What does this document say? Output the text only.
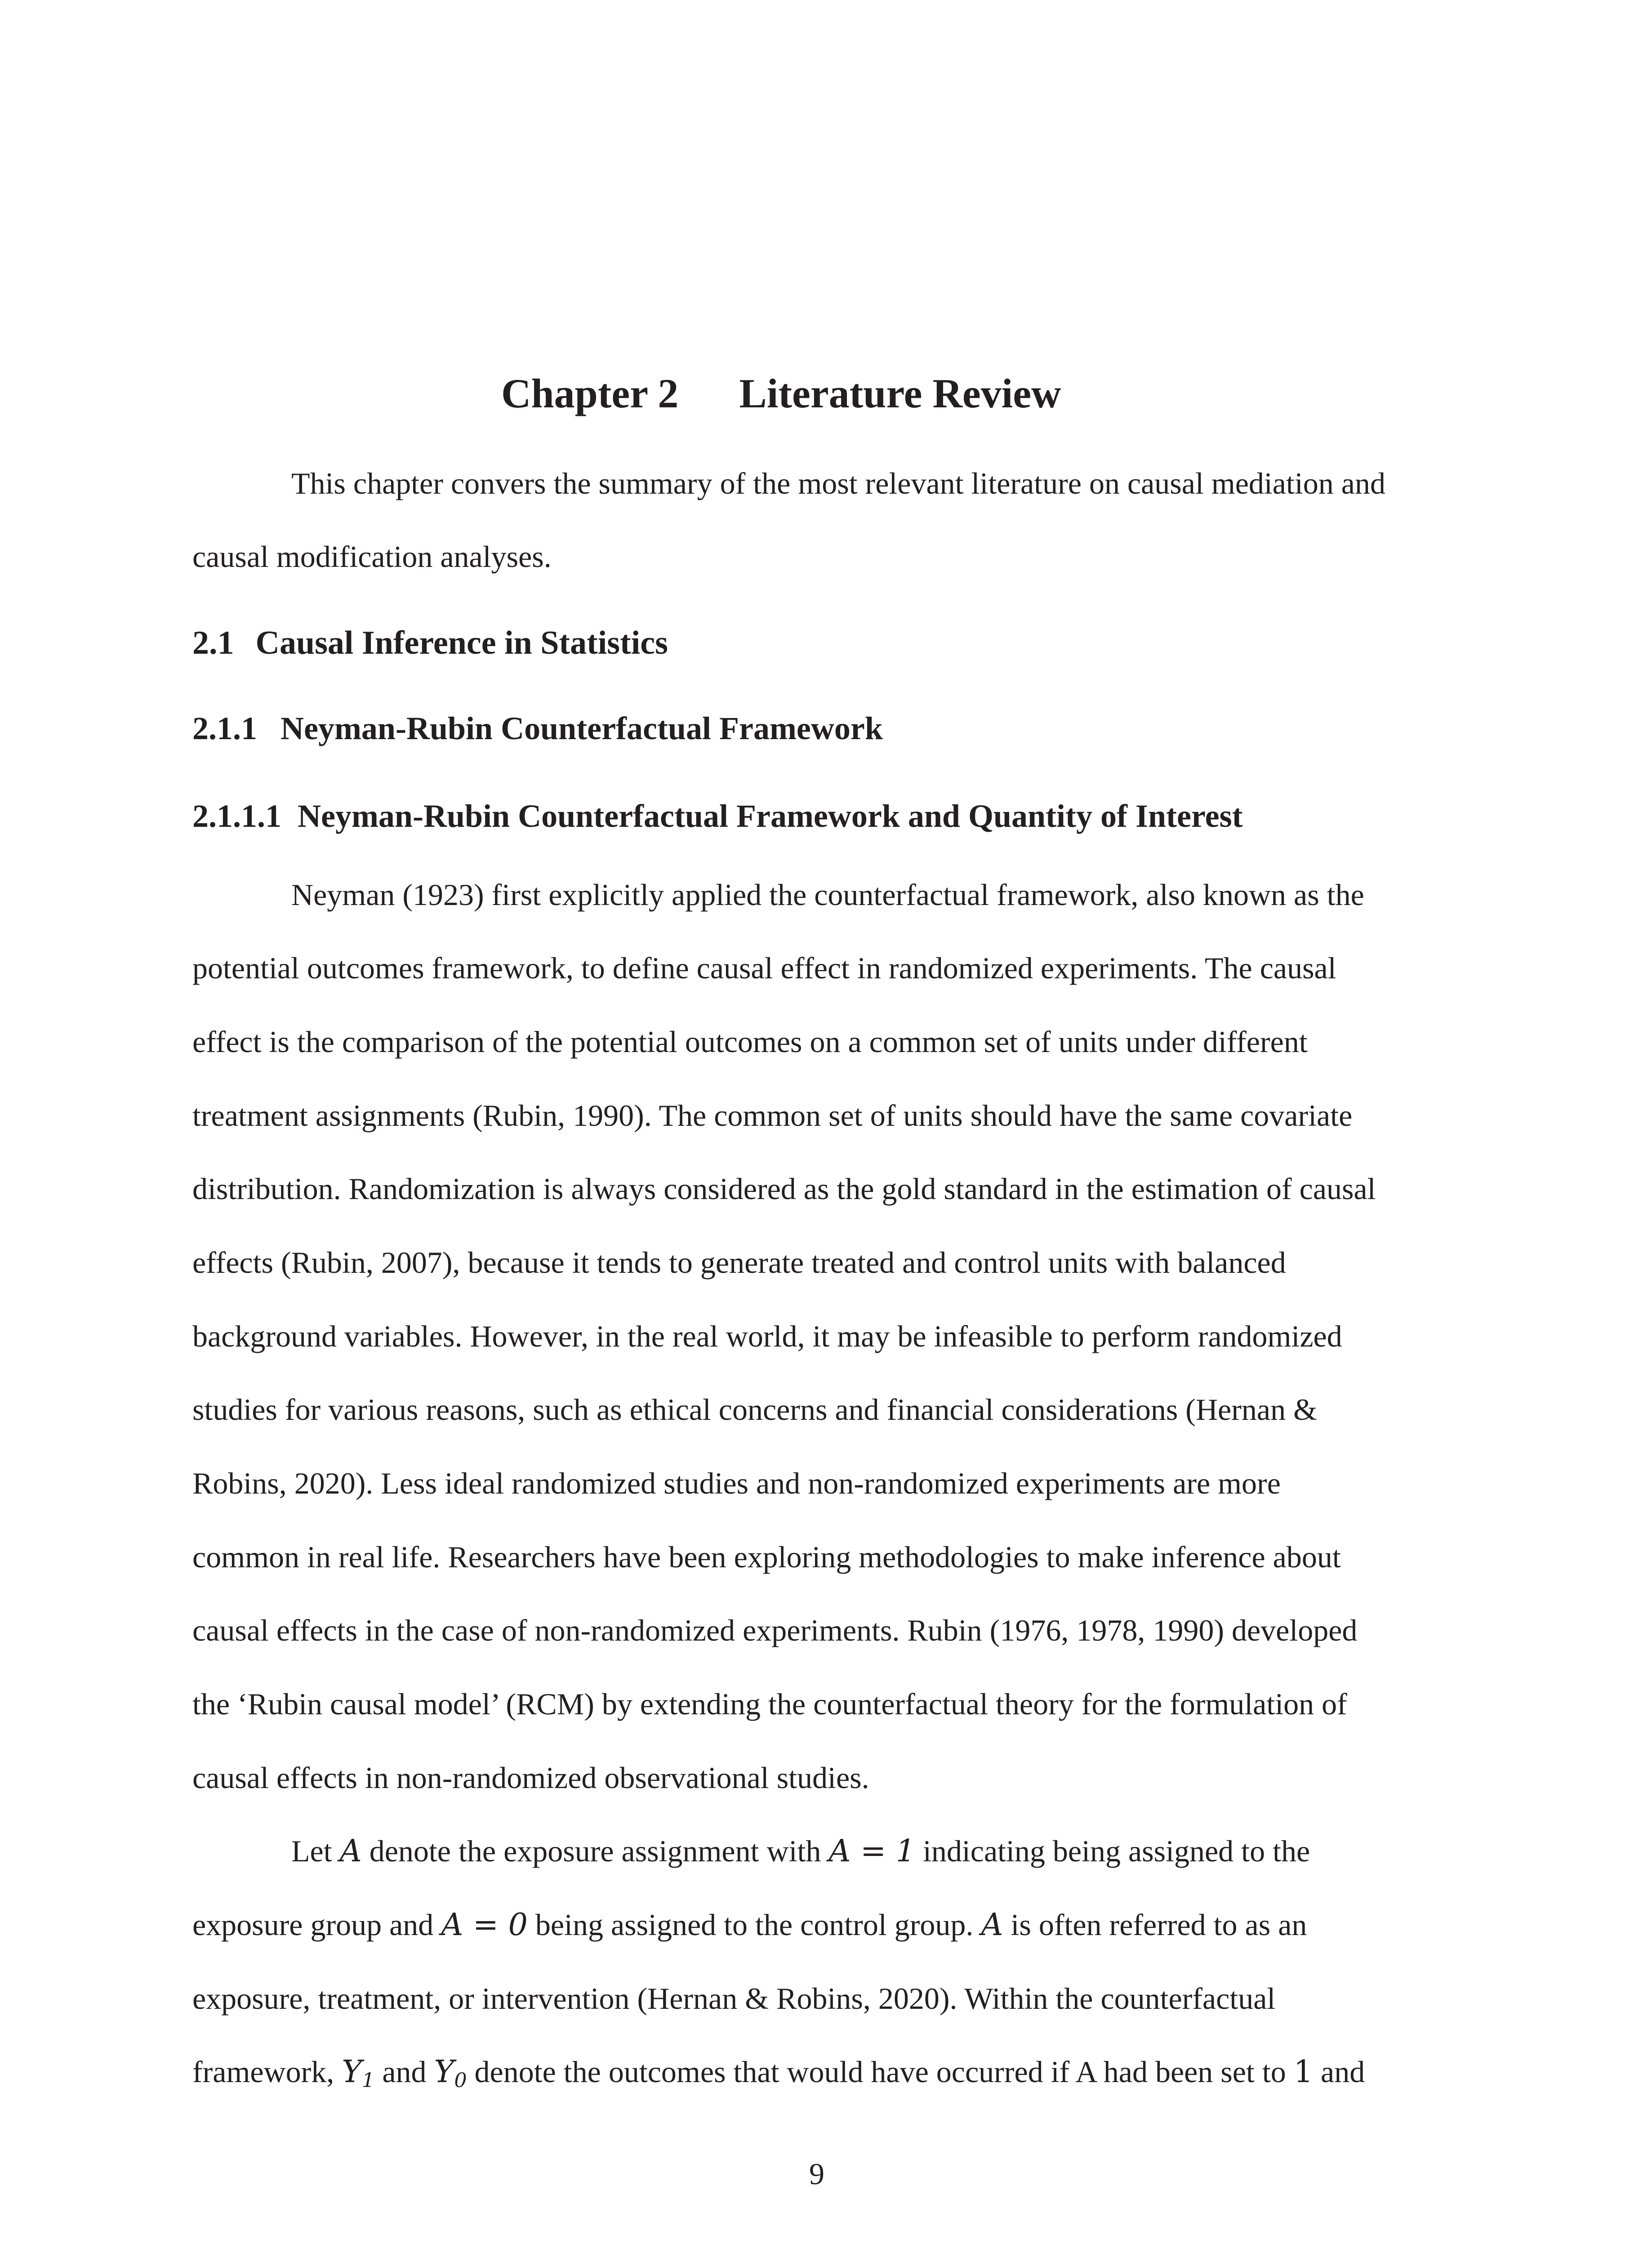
Chapter 2 Literature Review
This chapter convers the summary of the most relevant literature on causal mediation and
causal modification analyses.
2.1 Causal Inference in Statistics
2.1.1 Neyman-Rubin Counterfactual Framework
2.1.1.1 Neyman-Rubin Counterfactual Framework and Quantity of Interest
Neyman (1923) first explicitly applied the counterfactual framework, also known as the
potential outcomes framework, to define causal effect in randomized experiments. The causal
effect is the comparison of the potential outcomes on a common set of units under different
treatment assignments (Rubin, 1990). The common set of units should have the same covariate
distribution. Randomization is always considered as the gold standard in the estimation of causal
effects (Rubin, 2007), because it tends to generate treated and control units with balanced
background variables. However, in the real world, it may be infeasible to perform randomized
studies for various reasons, such as ethical concerns and financial considerations (Hernan &
Robins, 2020). Less ideal randomized studies and non-randomized experiments are more
common in real life. Researchers have been exploring methodologies to make inference about
causal effects in the case of non-randomized experiments. Rubin (1976, 1978, 1990) developed
the ‘Rubin causal model’ (RCM) by extending the counterfactual theory for the formulation of
causal effects in non-randomized observational studies.
Let A denote the exposure assignment with A = 1 indicating being assigned to the
exposure group and A = 0 being assigned to the control group. A is often referred to as an
exposure, treatment, or intervention (Hernan & Robins, 2020). Within the counterfactual
framework, $Y_1$ and $Y_0$ denote the outcomes that would have occurred if A had been set to 1 and
9
